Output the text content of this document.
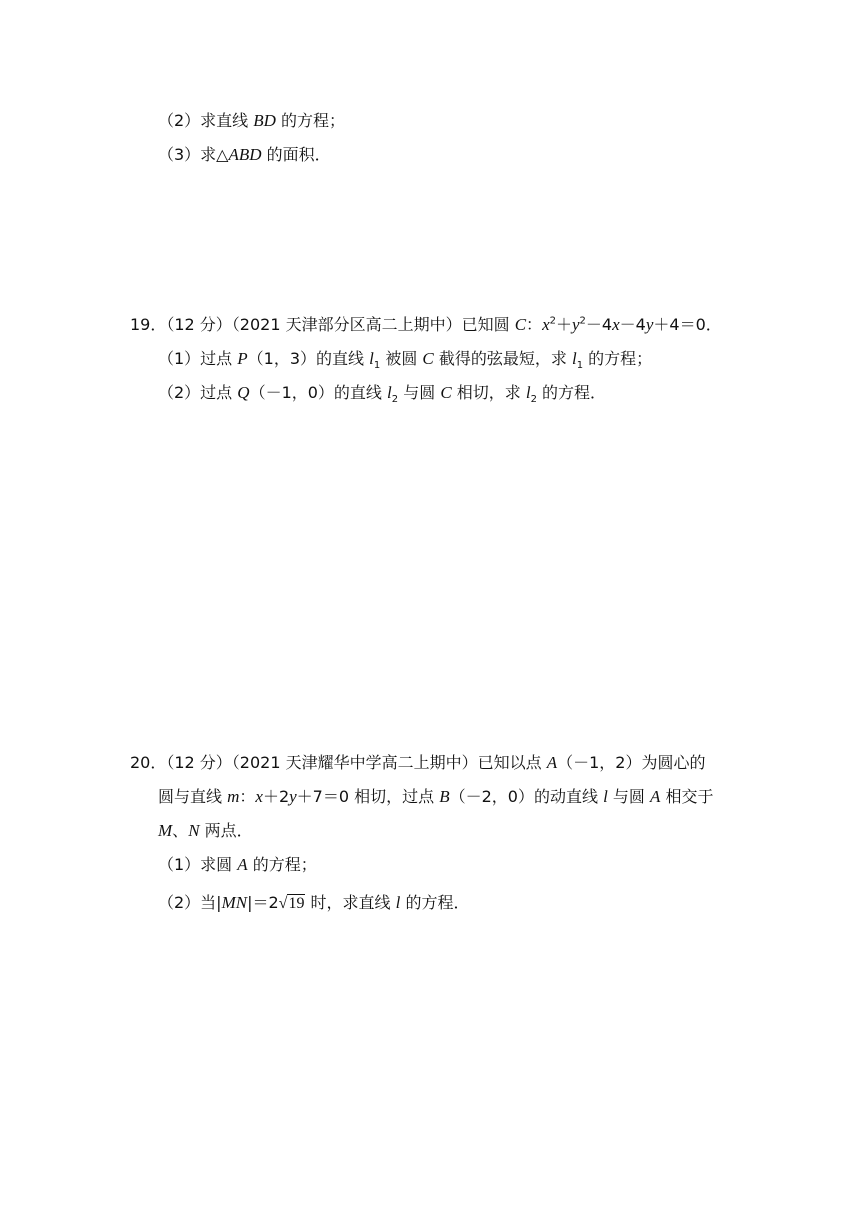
（2）求直线 BD 的方程；
（3）求△ABD 的面积．
19．（12 分）（2021 天津部分区高二上期中）已知圆 C：$x^2+y^2-4x-4y+4=0$．
（1）过点 P（1，3）的直线 $l_1$ 被圆 C 截得的弦最短，求 $l_1$ 的方程；
（2）过点 Q（－1，0）的直线 $l_2$ 与圆 C 相切，求 $l_2$ 的方程．
20．（12 分）（2021 天津耀华中学高二上期中）已知以点 A（－1，2）为圆心的
圆与直线 m：x＋2y＋7＝0 相切，过点 B（－2，0）的动直线 l 与圆 A 相交于
M、N 两点．
（1）求圆 A 的方程；
（2）当|MN|＝2√19 时，求直线 l 的方程．
